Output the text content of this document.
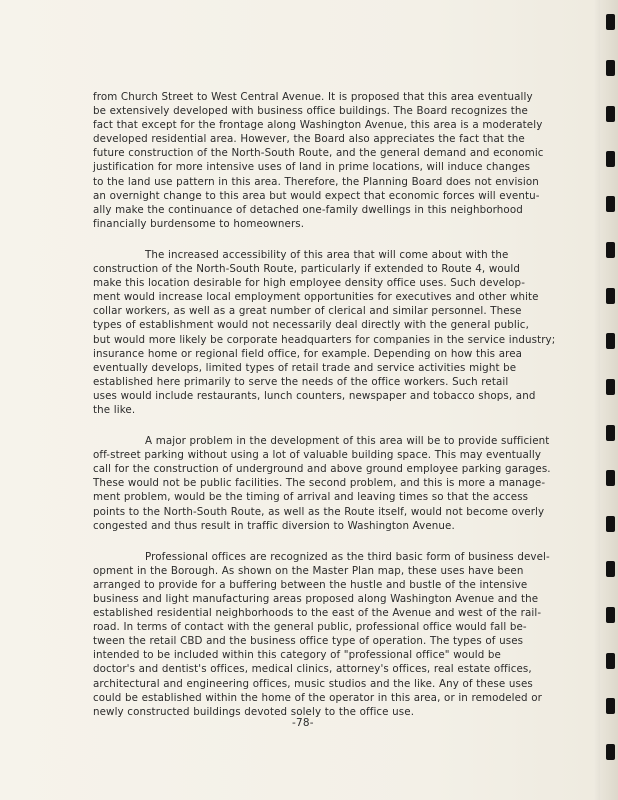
from Church Street to West Central Avenue. It is proposed that this area eventually
be extensively developed with business office buildings. The Board recognizes the
fact that except for the frontage along Washington Avenue, this area is a moderately
developed residential area. However, the Board also appreciates the fact that the
future construction of the North-South Route, and the general demand and economic
justification for more intensive uses of land in prime locations, will induce changes
to the land use pattern in this area. Therefore, the Planning Board does not envision
an overnight change to this area but would expect that economic forces will eventu-
ally make the continuance of detached one-family dwellings in this neighborhood
financially burdensome to homeowners.

The increased accessibility of this area that will come about with the
construction of the North-South Route, particularly if extended to Route 4, would
make this location desirable for high employee density office uses. Such develop-
ment would increase local employment opportunities for executives and other white
collar workers, as well as a great number of clerical and similar personnel. These
types of establishment would not necessarily deal directly with the general public,
but would more likely be corporate headquarters for companies in the service industry;
insurance home or regional field office, for example. Depending on how this area
eventually develops, limited types of retail trade and service activities might be
established here primarily to serve the needs of the office workers. Such retail
uses would include restaurants, lunch counters, newspaper and tobacco shops, and
the like.

A major problem in the development of this area will be to provide sufficient
off-street parking without using a lot of valuable building space. This may eventually
call for the construction of underground and above ground employee parking garages.
These would not be public facilities. The second problem, and this is more a manage-
ment problem, would be the timing of arrival and leaving times so that the access
points to the North-South Route, as well as the Route itself, would not become overly
congested and thus result in traffic diversion to Washington Avenue.

Professional offices are recognized as the third basic form of business devel-
opment in the Borough. As shown on the Master Plan map, these uses have been
arranged to provide for a buffering between the hustle and bustle of the intensive
business and light manufacturing areas proposed along Washington Avenue and the
established residential neighborhoods to the east of the Avenue and west of the rail-
road. In terms of contact with the general public, professional office would fall be-
tween the retail CBD and the business office type of operation. The types of uses
intended to be included within this category of "professional office" would be
doctor's and dentist's offices, medical clinics, attorney's offices, real estate offices,
architectural and engineering offices, music studios and the like. Any of these uses
could be established within the home of the operator in this area, or in remodeled or
newly constructed buildings devoted solely to the office use.

-78-
